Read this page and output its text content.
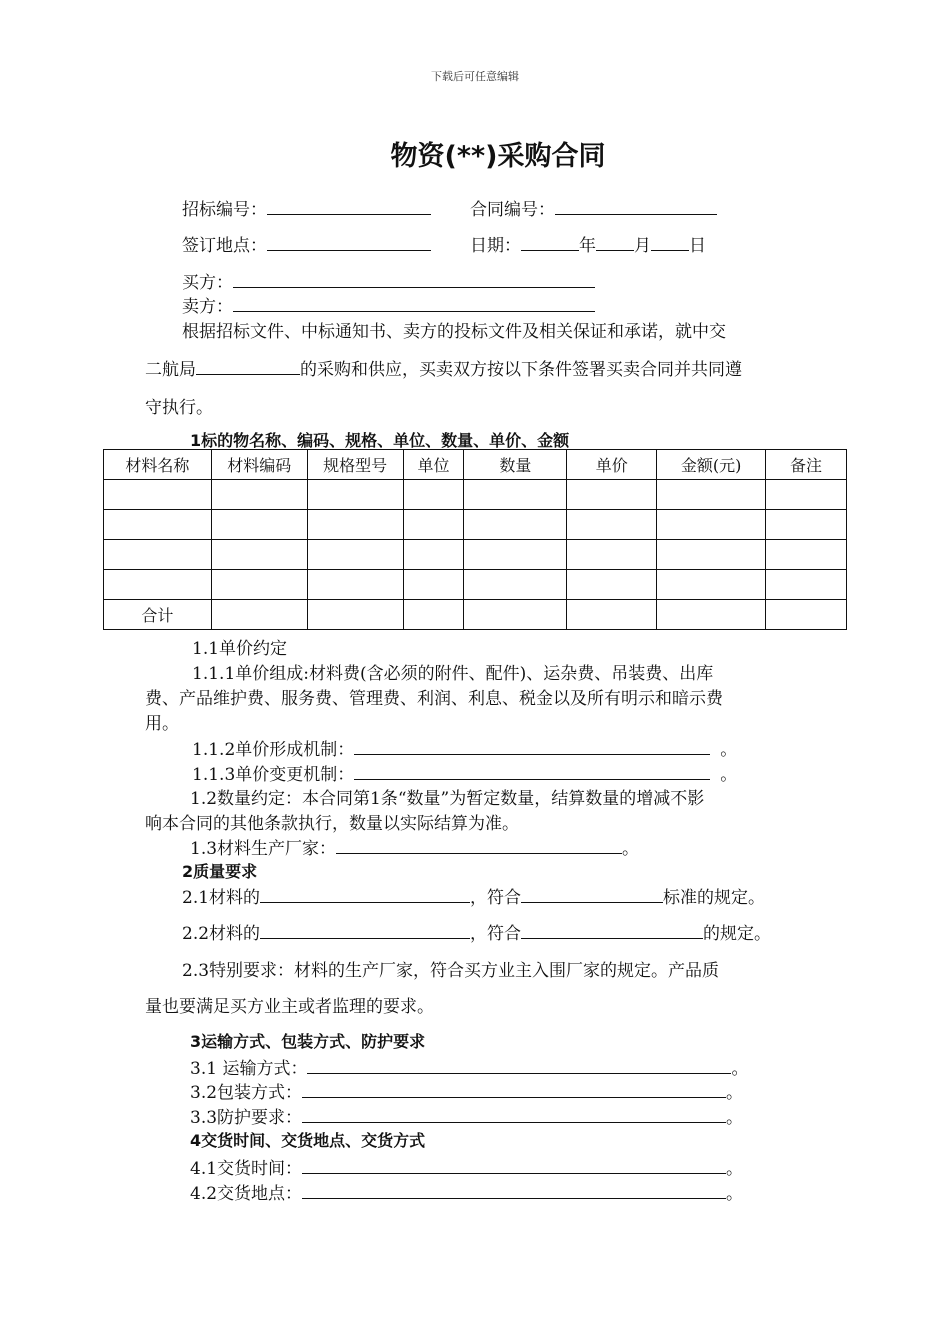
下载后可任意编辑
物资(**)采购合同
招标编号：	合同编号：
签订地点：	日期：	年 月 日
买方：
卖方：
根据招标文件、中标通知书、卖方的投标文件及相关保证和承诺，就中交
二航局	的采购和供应，买卖双方按以下条件签署买卖合同并共同遵
守执行。
1标的物名称、编码、规格、单位、数量、单价、金额
材料名称	材料编码	规格型号	单位	数量	单价	金额(元)	备注

合计							
1.1单价约定
1.1.1单价组成:材料费(含必须的附件、配件)、运杂费、吊装费、出库
费、产品维护费、服务费、管理费、利润、利息、税金以及所有明示和暗示费
用。
1.1.2单价形成机制：	。
1.1.3单价变更机制：	。
1.2数量约定：本合同第1条“数量”为暂定数量，结算数量的增减不影
响本合同的其他条款执行，数量以实际结算为准。
1.3材料生产厂家：	。
2质量要求
2.1材料的	，符合	标准的规定。
2.2材料的	，符合	的规定。
2.3特别要求：材料的生产厂家，符合买方业主入围厂家的规定。产品质
量也要满足买方业主或者监理的要求。
3运输方式、包装方式、防护要求
3.1 运输方式：	。
3.2包装方式：	。
3.3防护要求：	。
4交货时间、交货地点、交货方式
4.1交货时间：	。
4.2交货地点：	。
